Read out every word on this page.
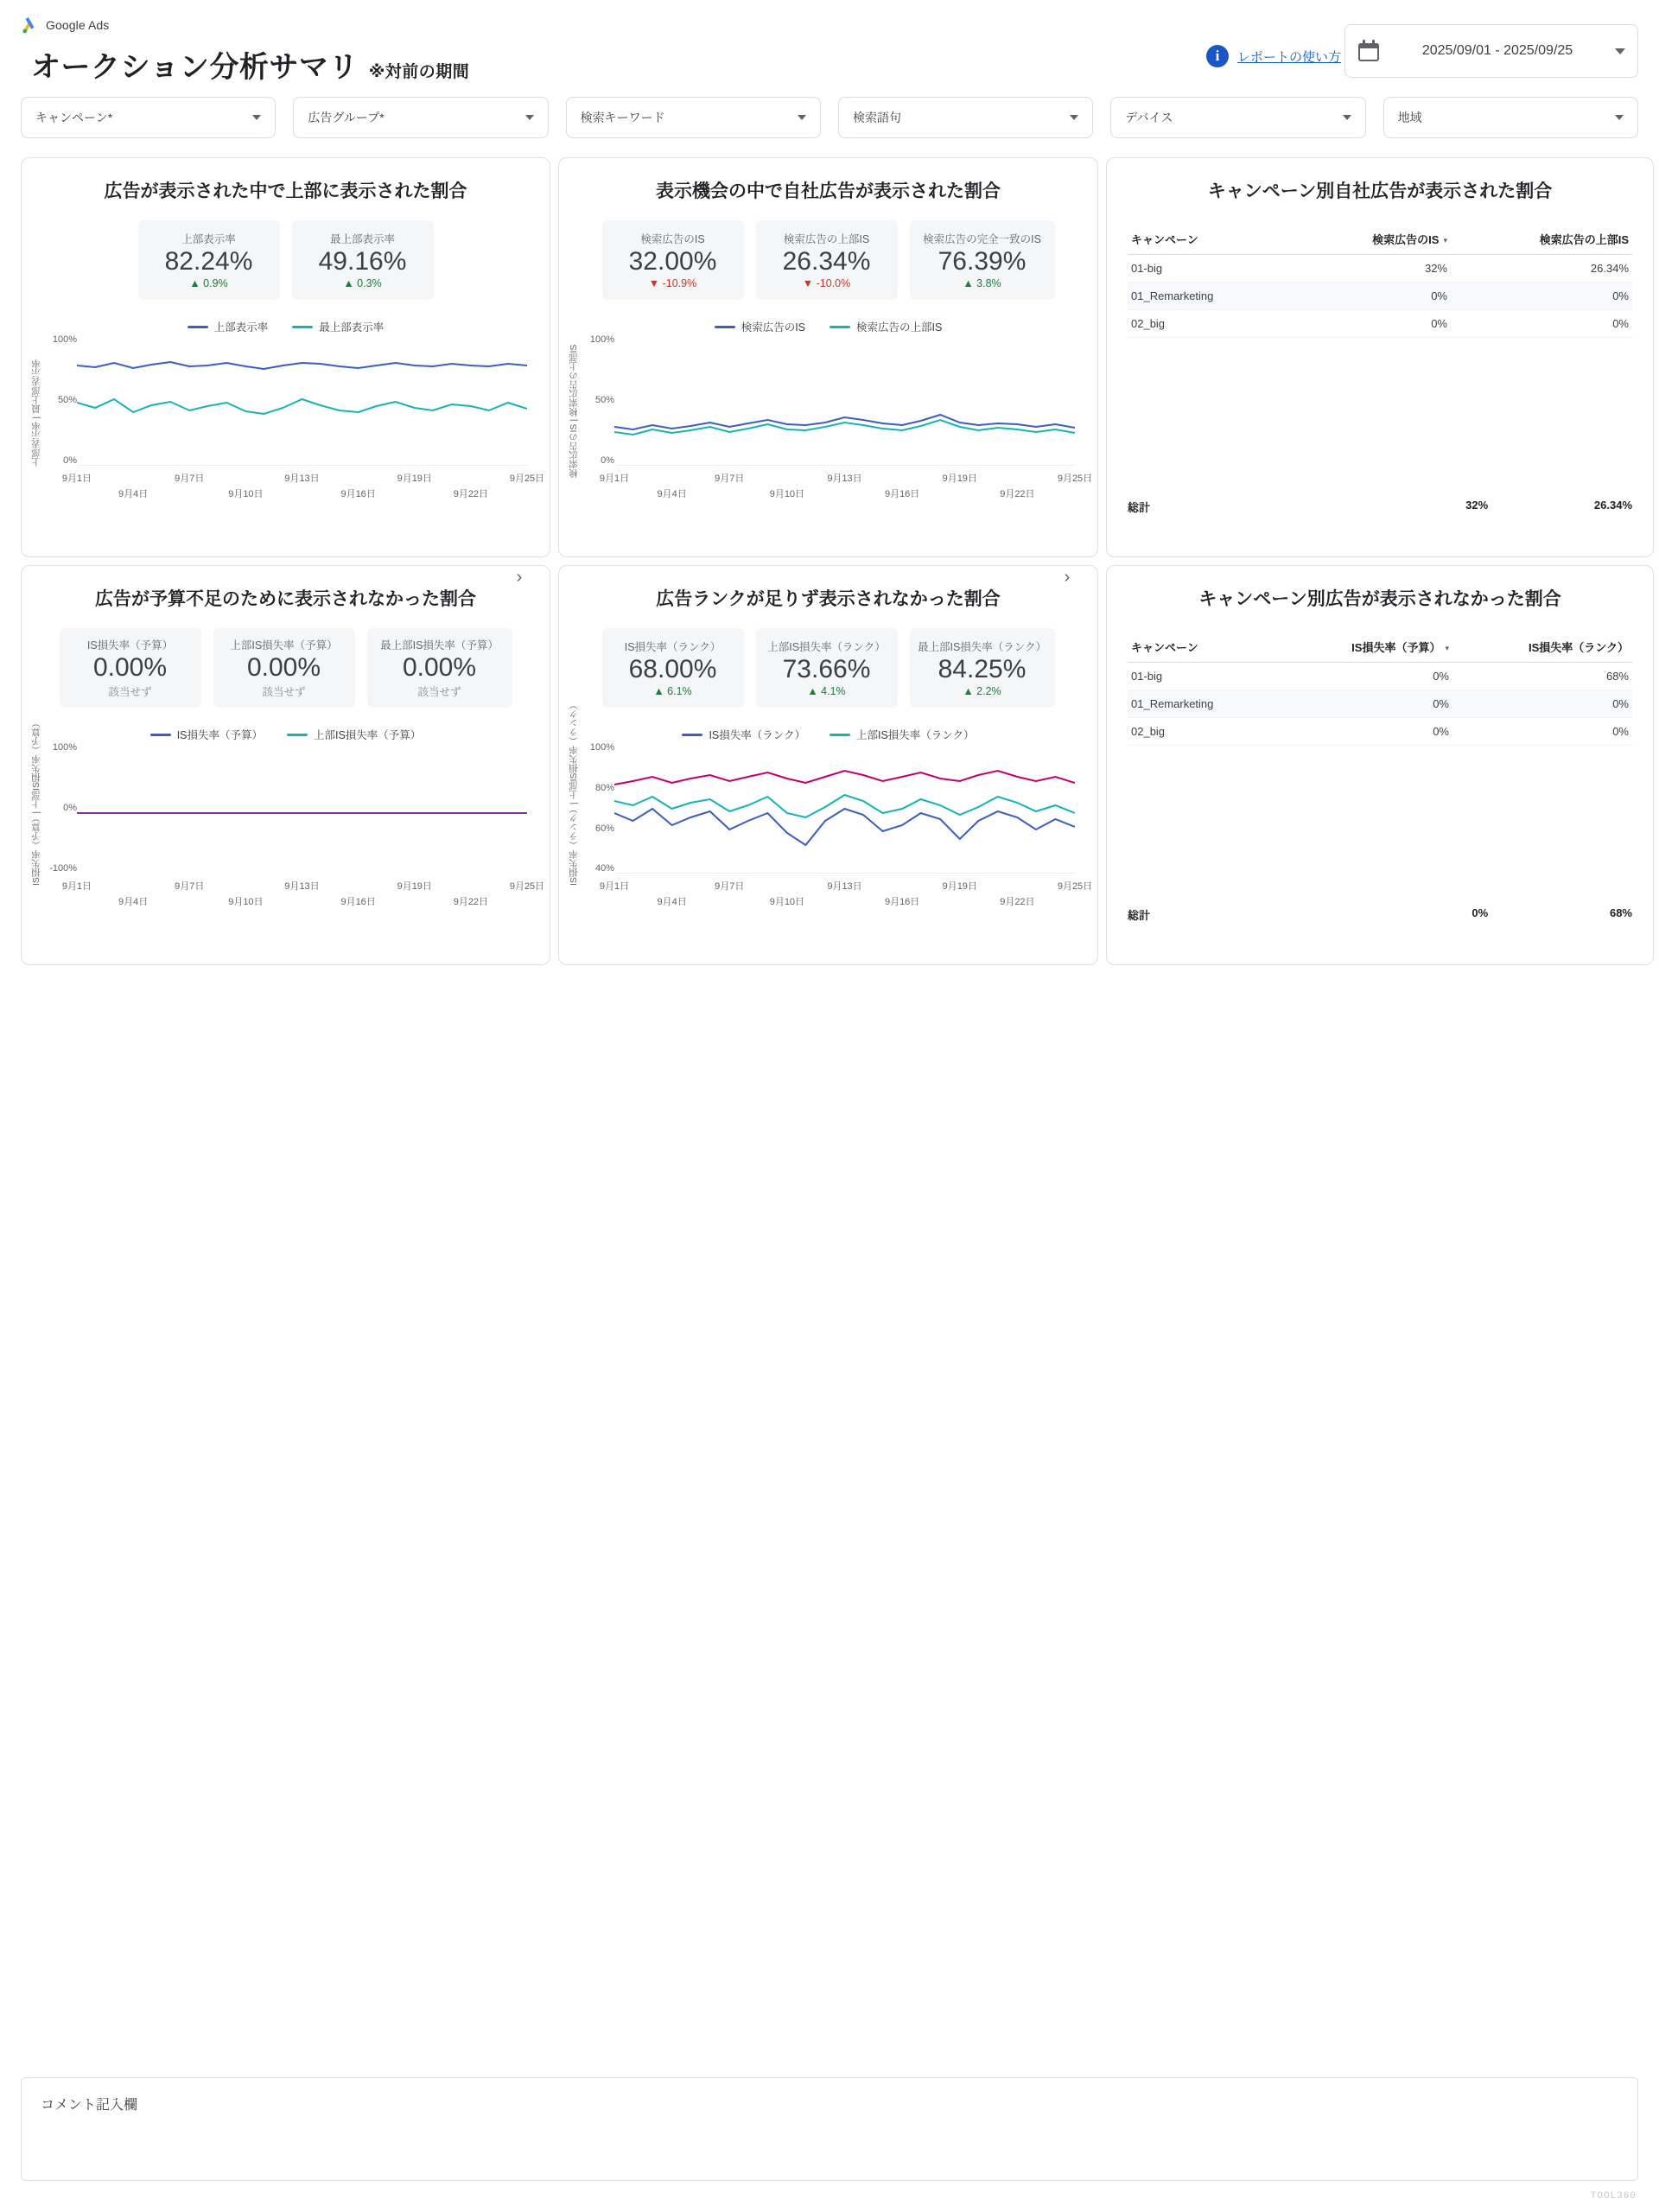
Google Ads
オークション分析サマリ ※対前の期間
i	レポートの使い方	2025/09/01 - 2025/09/25
キャンペーン*	広告グループ*	検索キーワード	検索語句	デバイス	地域
広告が表示された中で上部に表示された割合
上部表示率
82.24%
▲ 0.9%
最上部表示率
49.16%
▲ 0.3%
上部表示率	最上部表示率
上部表示率 | 最上部表示率
100%
50%
0%
9月1日	9月7日	9月13日	9月19日	9月25日
9月4日	9月10日	9月16日	9月22日
表示機会の中で自社広告が表示された割合
検索広告のIS
32.00%
▼ -10.9%
検索広告の上部IS
26.34%
▼ -10.0%
検索広告の完全一致のIS
76.39%
▲ 3.8%
検索広告のIS	検索広告の上部IS
検索広告のIS | 検索広告の上部IS
100%
50%
0%
9月1日	9月7日	9月13日	9月19日	9月25日
9月4日	9月10日	9月16日	9月22日
キャンペーン別自社広告が表示された割合
キャンペーン	検索広告のIS ▾	検索広告の上部IS
01-big	32%	26.34%
01_Remarketing	0%	0%
02_big	0%	0%
総計	32%	26.34%
広告が予算不足のために表示されなかった割合
IS損失率（予算）
0.00%
該当せず
上部IS損失率（予算）
0.00%
該当せず
最上部IS損失率（予算）
0.00%
該当せず
IS損失率（予算）	上部IS損失率（予算）
›
IS損失率（予算）| 上部IS損失率（予算）	100%
0%
-100%
9月1日	9月7日	9月13日	9月19日	9月25日
9月4日	9月10日	9月16日	9月22日
広告ランクが足りず表示されなかった割合
IS損失率（ランク）
68.00%
▲ 6.1%
上部IS損失率（ランク）
73.66%
▲ 4.1%
最上部IS損失率（ランク）
84.25%
▲ 2.2%
IS損失率（ランク）	上部IS損失率（ランク）
›
IS損失率（ランク）| 上部IS損失率（ランク）	100%
80%
60%
40%
9月1日	9月7日	9月13日	9月19日	9月25日
9月4日	9月10日	9月16日	9月22日
キャンペーン別広告が表示されなかった割合
キャンペーン	IS損失率（予算） ▾	IS損失率（ランク）
01-big	0%	68%
01_Remarketing	0%	0%
02_big	0%	0%
総計	0%	68%
コメント記入欄
TOOL360
